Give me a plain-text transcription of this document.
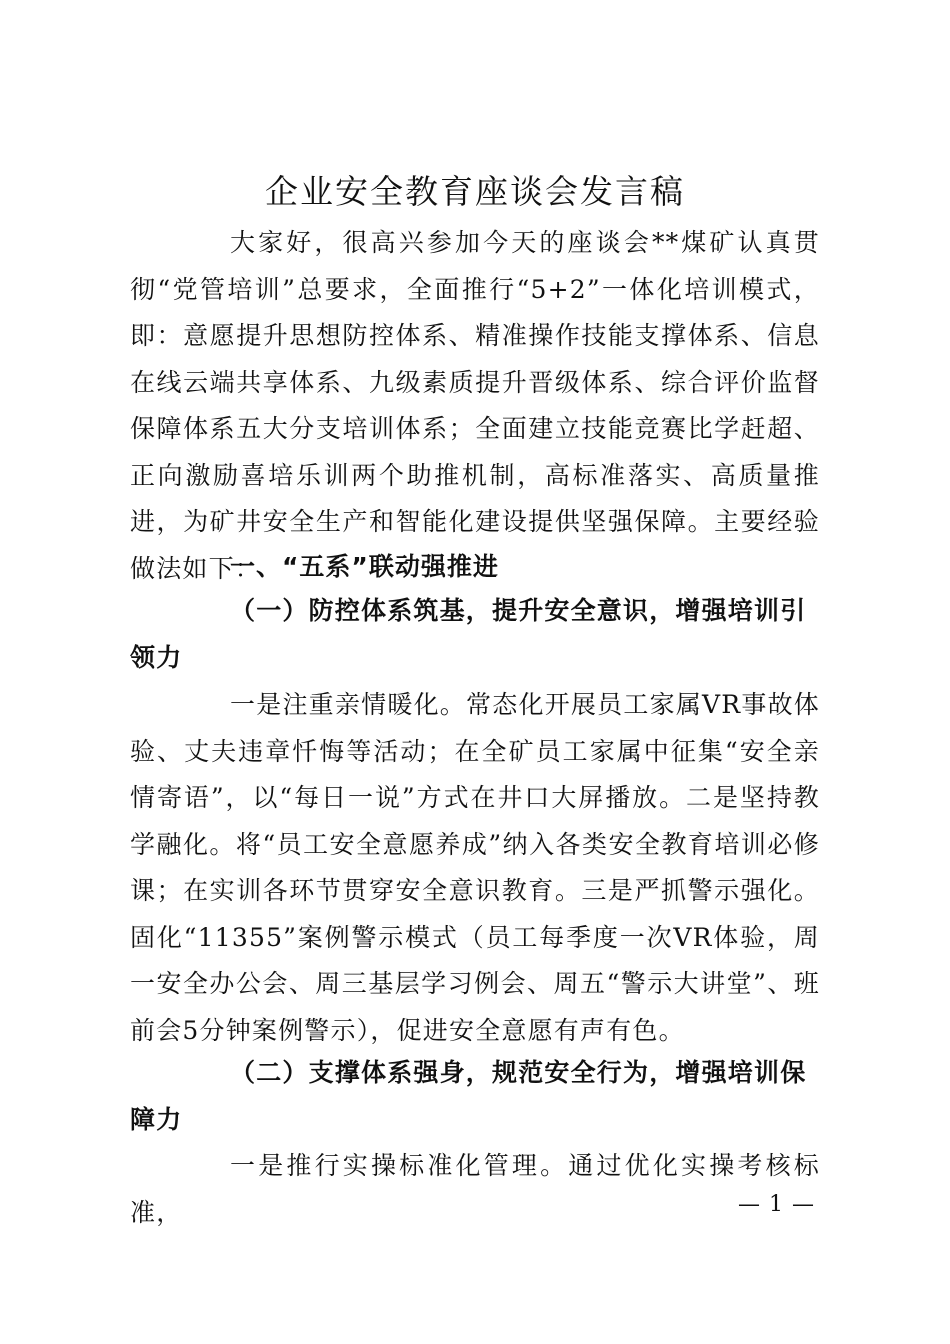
企业安全教育座谈会发言稿

大家好，很高兴参加今天的座谈会**煤矿认真贯彻“党管培训”总要求，全面推行“5+2”一体化培训模式，即：意愿提升思想防控体系、精准操作技能支撑体系、信息在线云端共享体系、九级素质提升晋级体系、综合评价监督保障体系五大分支培训体系；全面建立技能竞赛比学赶超、正向激励喜培乐训两个助推机制，高标准落实、高质量推进，为矿井安全生产和智能化建设提供坚强保障。主要经验做法如下：

一、“五系”联动强推进

（一）防控体系筑基，提升安全意识，增强培训引领力

一是注重亲情暖化。常态化开展员工家属VR事故体验、丈夫违章忏悔等活动；在全矿员工家属中征集“安全亲情寄语”，以“每日一说”方式在井口大屏播放。二是坚持教学融化。将“员工安全意愿养成”纳入各类安全教育培训必修课；在实训各环节贯穿安全意识教育。三是严抓警示强化。固化“11355”案例警示模式（员工每季度一次VR体验，周一安全办公会、周三基层学习例会、周五“警示大讲堂”、班前会5分钟案例警示），促进安全意愿有声有色。

（二）支撑体系强身，规范安全行为，增强培训保障力

一是推行实操标准化管理。通过优化实操考核标准，	— 1 —
